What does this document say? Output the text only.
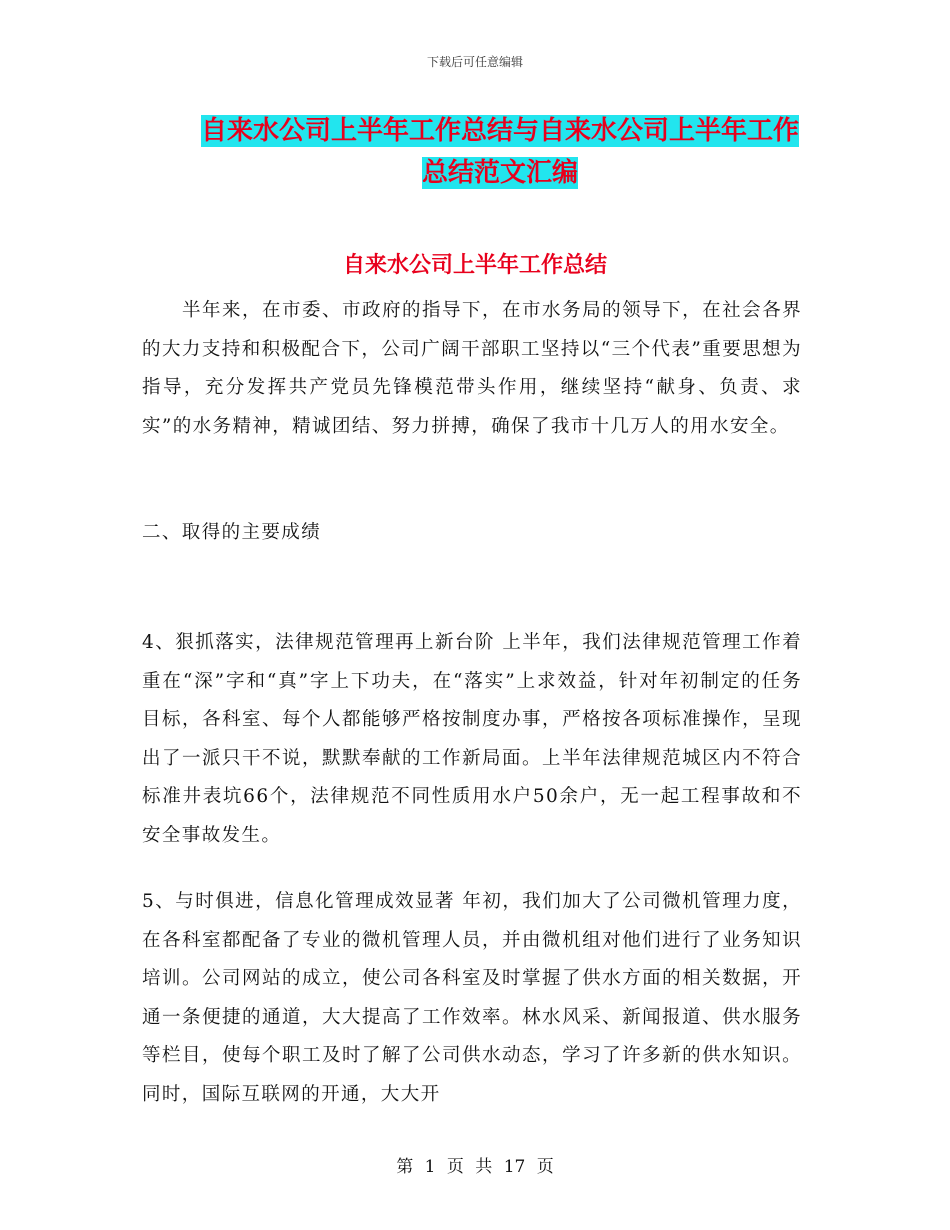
下载后可任意编辑
自来水公司上半年工作总结与自来水公司上半年工作
总结范文汇编
自来水公司上半年工作总结

半年来，在市委、市政府的指导下，在市水务局的领导下，在社会各界的大力支持和积极配合下，公司广阔干部职工坚持以“三个代表”重要思想为指导，充分发挥共产党员先锋模范带头作用，继续坚持“献身、负责、求实”的水务精神，精诚团结、努力拼搏，确保了我市十几万人的用水安全。

二、取得的主要成绩

4、狠抓落实，法律规范管理再上新台阶 上半年，我们法律规范管理工作着重在“深”字和“真”字上下功夫，在“落实”上求效益，针对年初制定的任务目标，各科室、每个人都能够严格按制度办事，严格按各项标准操作，呈现出了一派只干不说，默默奉献的工作新局面。上半年法律规范城区内不符合标准井表坑66个，法律规范不同性质用水户50余户，无一起工程事故和不安全事故发生。

5、与时俱进，信息化管理成效显著 年初，我们加大了公司微机管理力度，在各科室都配备了专业的微机管理人员，并由微机组对他们进行了业务知识培训。公司网站的成立，使公司各科室及时掌握了供水方面的相关数据，开通一条便捷的通道，大大提高了工作效率。林水风采、新闻报道、供水服务等栏目，使每个职工及时了解了公司供水动态，学习了许多新的供水知识。同时，国际互联网的开通，大大开

第 1 页 共 17 页
